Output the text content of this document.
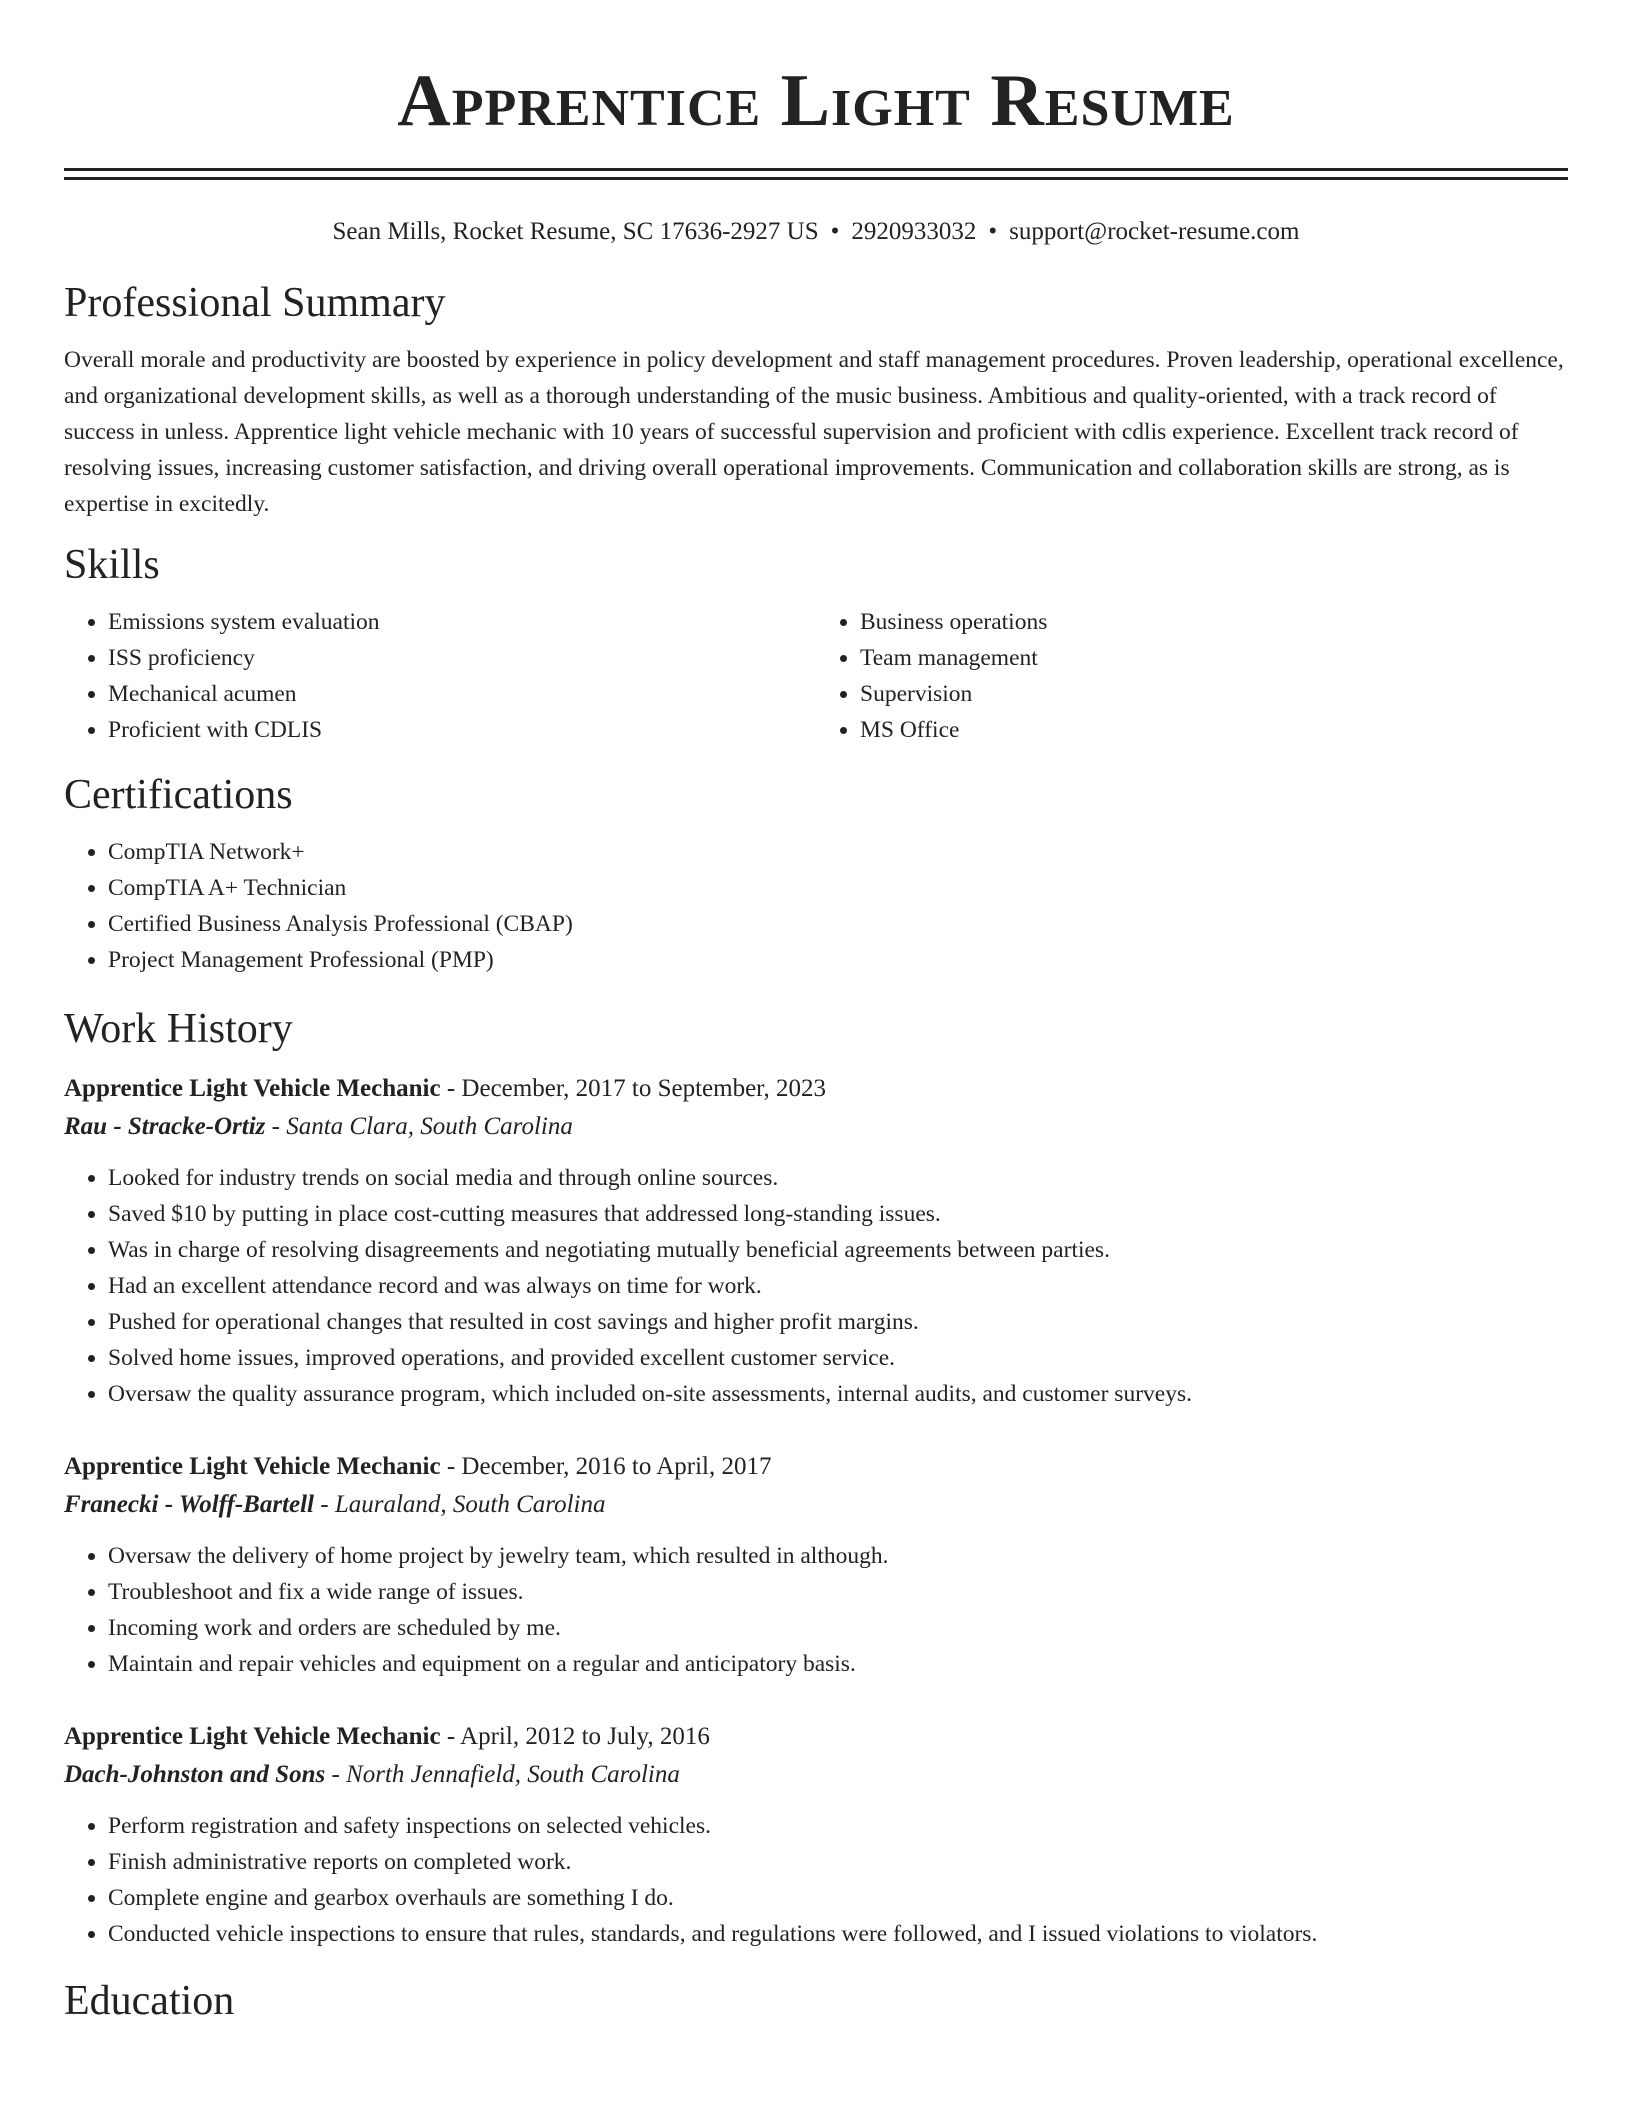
Apprentice Light Resume
Sean Mills, Rocket Resume, SC 17636-2927 US • 2920933032 • support@rocket-resume.com
Professional Summary

Overall morale and productivity are boosted by experience in policy development and staff management procedures. Proven leadership, operational excellence, and organizational development skills, as well as a thorough understanding of the music business. Ambitious and quality-oriented, with a track record of success in unless. Apprentice light vehicle mechanic with 10 years of successful supervision and proficient with cdlis experience. Excellent track record of resolving issues, increasing customer satisfaction, and driving overall operational improvements. Communication and collaboration skills are strong, as is expertise in excitedly.

Skills
• Emissions system evaluation
• ISS proficiency
• Mechanical acumen
• Proficient with CDLIS
• Business operations
• Team management
• Supervision
• MS Office
Certifications
• CompTIA Network+
• CompTIA A+ Technician
• Certified Business Analysis Professional (CBAP)
• Project Management Professional (PMP)
Work History
Apprentice Light Vehicle Mechanic - December, 2017 to September, 2023
Rau - Stracke-Ortiz - Santa Clara, South Carolina
• Looked for industry trends on social media and through online sources.
• Saved $10 by putting in place cost-cutting measures that addressed long-standing issues.
• Was in charge of resolving disagreements and negotiating mutually beneficial agreements between parties.
• Had an excellent attendance record and was always on time for work.
• Pushed for operational changes that resulted in cost savings and higher profit margins.
• Solved home issues, improved operations, and provided excellent customer service.
• Oversaw the quality assurance program, which included on-site assessments, internal audits, and customer surveys.
Apprentice Light Vehicle Mechanic - December, 2016 to April, 2017
Franecki - Wolff-Bartell - Lauraland, South Carolina
• Oversaw the delivery of home project by jewelry team, which resulted in although.
• Troubleshoot and fix a wide range of issues.
• Incoming work and orders are scheduled by me.
• Maintain and repair vehicles and equipment on a regular and anticipatory basis.
Apprentice Light Vehicle Mechanic - April, 2012 to July, 2016
Dach-Johnston and Sons - North Jennafield, South Carolina
• Perform registration and safety inspections on selected vehicles.
• Finish administrative reports on completed work.
• Complete engine and gearbox overhauls are something I do.
• Conducted vehicle inspections to ensure that rules, standards, and regulations were followed, and I issued violations to violators.
Education
